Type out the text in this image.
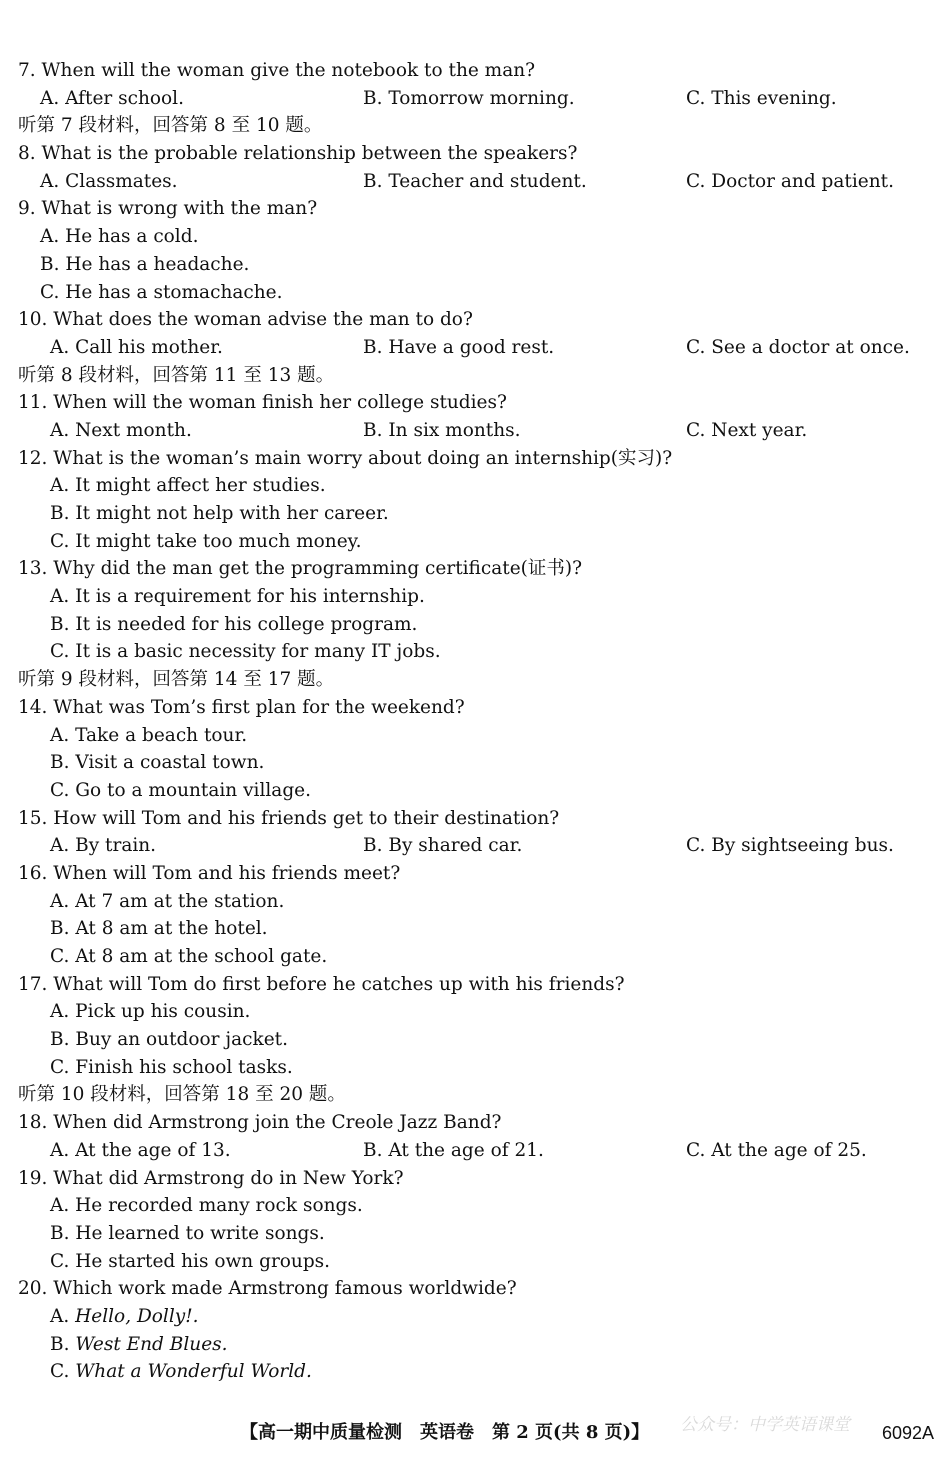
7. When will the woman give the notebook to the man?
A. After school.	B. Tomorrow morning.	C. This evening.
听第 7 段材料，回答第 8 至 10 题。
8. What is the probable relationship between the speakers?
A. Classmates.	B. Teacher and student.	C. Doctor and patient.
9. What is wrong with the man?
A. He has a cold.
B. He has a headache.
C. He has a stomachache.
10. What does the woman advise the man to do?
A. Call his mother.	B. Have a good rest.	C. See a doctor at once.
听第 8 段材料，回答第 11 至 13 题。
11. When will the woman finish her college studies?
A. Next month.	B. In six months.	C. Next year.
12. What is the woman’s main worry about doing an internship(实习)?
A. It might affect her studies.
B. It might not help with her career.
C. It might take too much money.
13. Why did the man get the programming certificate(证书)?
A. It is a requirement for his internship.
B. It is needed for his college program.
C. It is a basic necessity for many IT jobs.
听第 9 段材料，回答第 14 至 17 题。
14. What was Tom’s first plan for the weekend?
A. Take a beach tour.
B. Visit a coastal town.
C. Go to a mountain village.
15. How will Tom and his friends get to their destination?
A. By train.	B. By shared car.	C. By sightseeing bus.
16. When will Tom and his friends meet?
A. At 7 am at the station.
B. At 8 am at the hotel.
C. At 8 am at the school gate.
17. What will Tom do first before he catches up with his friends?
A. Pick up his cousin.
B. Buy an outdoor jacket.
C. Finish his school tasks.
听第 10 段材料，回答第 18 至 20 题。
18. When did Armstrong join the Creole Jazz Band?
A. At the age of 13.	B. At the age of 21.	C. At the age of 25.
19. What did Armstrong do in New York?
A. He recorded many rock songs.
B. He learned to write songs.
C. He started his own groups.
20. Which work made Armstrong famous worldwide?
A. Hello, Dolly!.
B. West End Blues.
C. What a Wonderful World.
公众号：中学英语课堂
【高一期中质量检测　英语卷　第 2 页(共 8 页)】	6092A
